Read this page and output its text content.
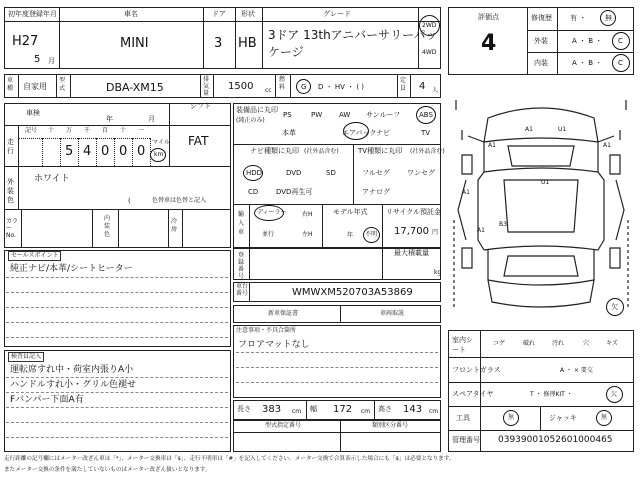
初年度登録年月
H27
5 月
車名
MINI
ドア
3
形状
HB
グレード
3ドア 13thアニバーサリーパッ
ケージ
2WD
4WD
評価点
4
修復歴	有 ・	無
外装	A ・ B ・ C
内装	A ・ B ・ C
車種 自家用
型式	DBA-XM15
排気量
1500 cc
燃料 G D ・ HV ・ ( )
定員 4 人
車検
年	月
シフト
FAT
走行
記号	十	万	千	百	十	一
5 4 0 0 0
マイル
km
外装色
ホワイト
色替車は色替と記入
(
カラーNo.
内装色
冷房
装備品に丸印
(純正のみ)
PS	PW AW サンルーフ	ABS
本革	エアバック ナビ	TV
ナビ種類に丸印 (社外品含む)
HDD	DVD	SD
CD	DVD再生可
TV種類に丸印 (社外品含む)
フルセグ ワンセグ
アナログ
輸入車
ディーラー
並行
右H
左H
モデル年式
年 不明
リサイクル預託金
17,700 円
セールスポイント
純正ナビ/本革/シートヒーター
検査員記入
運転席すれ中・荷室内張りA小
ハンドルすれ小・グリル色褪せ
Fバンパー下面A有
登録番号
最大積載量
kg
車台番号	WMWXM520703A53869
新車保証書	車両取説
注意事項・不具合箇所
フロアマットなし
長さ 383 cm 幅 172 cm 高さ 143 cm
型式指定番号	類別区分番号
A1	U1
A1	A1
U1
A1
B3
A1
欠
室内シート
コゲ	破れ	汚れ	穴	キズ
フロントガラス	A ・ × 要交
スペアタイヤ	T ・ 修理KIT ・	欠
工具	無	ジャッキ	無
管理番号 0393900105260100046​5
走行距離の記号欄にはメーター改ざん車は「*」、メーター交換車は「$」、走行不明車は「#」を記入してください。メーター交換で合算表示した場合にも「$」は必要となります。
またメーター交換の条件を満たしていないものはメーター改ざん扱いとなります。
